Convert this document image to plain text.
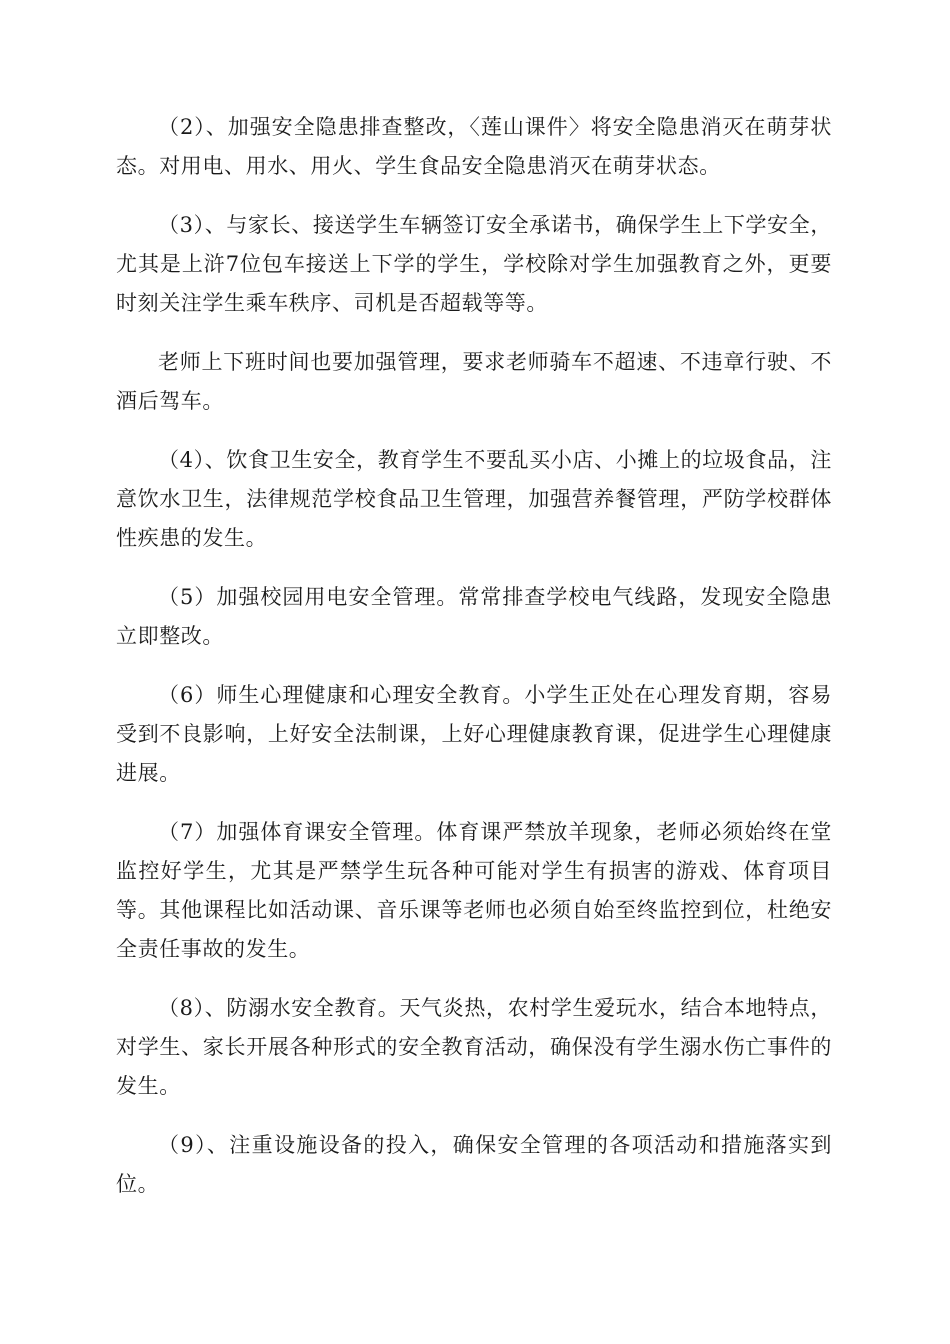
（2）、加强安全隐患排查整改，〈莲山课件〉将安全隐患消灭在萌芽状态。对用电、用水、用火、学生食品安全隐患消灭在萌芽状态。

（3）、与家长、接送学生车辆签订安全承诺书，确保学生上下学安全，尤其是上浒7位包车接送上下学的学生，学校除对学生加强教育之外，更要时刻关注学生乘车秩序、司机是否超载等等。

老师上下班时间也要加强管理，要求老师骑车不超速、不违章行驶、不酒后驾车。

（4）、饮食卫生安全，教育学生不要乱买小店、小摊上的垃圾食品，注意饮水卫生，法律规范学校食品卫生管理，加强营养餐管理，严防学校群体性疾患的发生。

（5）加强校园用电安全管理。常常排查学校电气线路，发现安全隐患立即整改。

（6）师生心理健康和心理安全教育。小学生正处在心理发育期，容易受到不良影响，上好安全法制课，上好心理健康教育课，促进学生心理健康进展。

（7）加强体育课安全管理。体育课严禁放羊现象，老师必须始终在堂监控好学生，尤其是严禁学生玩各种可能对学生有损害的游戏、体育项目等。其他课程比如活动课、音乐课等老师也必须自始至终监控到位，杜绝安全责任事故的发生。

（8）、防溺水安全教育。天气炎热，农村学生爱玩水，结合本地特点，对学生、家长开展各种形式的安全教育活动，确保没有学生溺水伤亡事件的发生。

（9）、注重设施设备的投入，确保安全管理的各项活动和措施落实到位。
